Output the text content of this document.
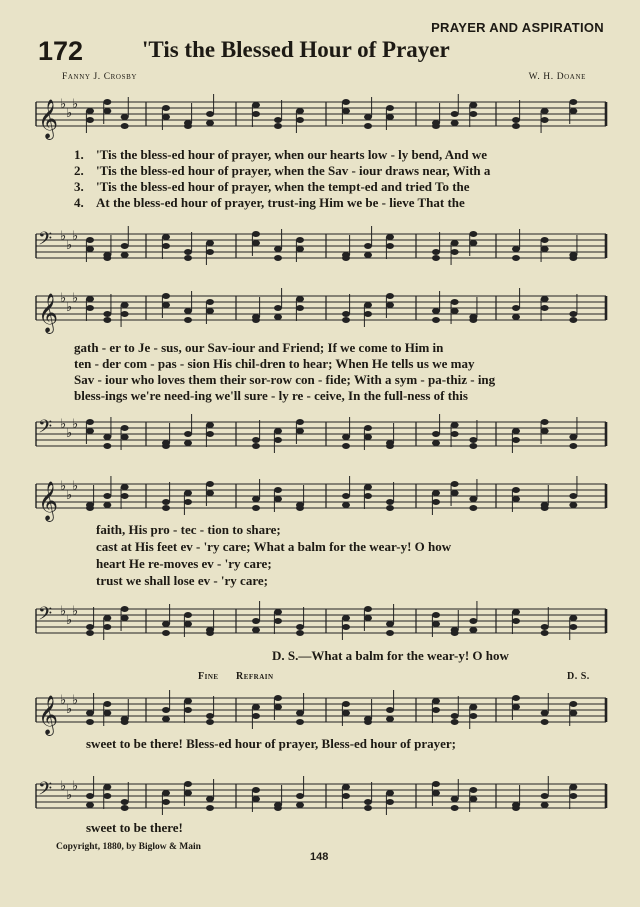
PRAYER AND ASPIRATION
172	'Tis the Blessed Hour of Prayer
Fanny J. Crosby	W. H. Doane
𝄞 ♭
♭
♭
1. 'Tis the bless-ed hour of prayer, when our hearts low - ly bend, And we
2. 'Tis the bless-ed hour of prayer, when the Sav - iour draws near, With a
3. 'Tis the bless-ed hour of prayer, when the tempt-ed and tried To the
4. At the bless-ed hour of prayer, trust-ing Him we be - lieve That the
𝄢 ♭
♭
♭
𝄞 ♭
♭
♭
gath - er to Je - sus, our Sav-iour and Friend; If we come to Him in
ten - der com - pas - sion His chil-dren to hear; When He tells us we may
Sav - iour who loves them their sor-row con - fide; With a sym - pa-thiz - ing
bless-ings we're need-ing we'll sure - ly re - ceive, In the full-ness of this
𝄢 ♭
♭
♭
𝄞 ♭
♭
♭
faith, His pro - tec - tion to share;
cast at His feet ev - 'ry care; What a balm for the wear-y! O how
heart He re-moves ev - 'ry care;
trust we shall lose ev - 'ry care;
𝄢 ♭
♭
♭
D. S.—What a balm for the wear-y! O how
Fine Refrain	D. S.
𝄞 ♭
♭
♭
sweet to be there! Bless-ed hour of prayer, Bless-ed hour of prayer;
𝄢 ♭
♭
♭
sweet to be there!
Copyright, 1880, by Biglow & Main
148
